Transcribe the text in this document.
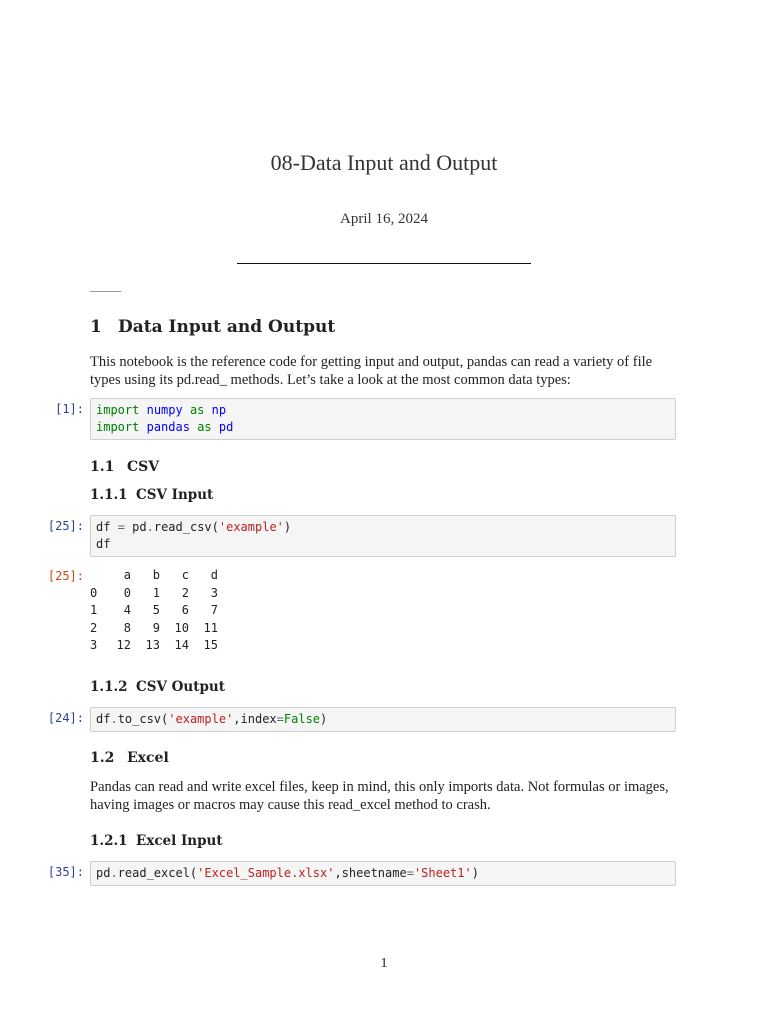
08-Data Input and Output
April 16, 2024
1 Data Input and Output
This notebook is the reference code for getting input and output, pandas can read a variety of file types using its pd.read_ methods. Let’s take a look at the most common data types:
[1]:	import numpy as np
import pandas as pd
1.1 CSV
1.1.1 CSV Input
[25]:	df = pd.read_csv('example')
df
[25]:
		a	b	c	d
0	0	1	2	3
1	4	5	6	7
2	8	9	10	11
3	12	13	14	15
1.1.2 CSV Output
[24]:	df.to_csv('example',index=False)
1.2 Excel
Pandas can read and write excel files, keep in mind, this only imports data. Not formulas or images, having images or macros may cause this read_excel method to crash.
1.2.1 Excel Input
[35]:	pd.read_excel('Excel_Sample.xlsx',sheetname='Sheet1')
1
